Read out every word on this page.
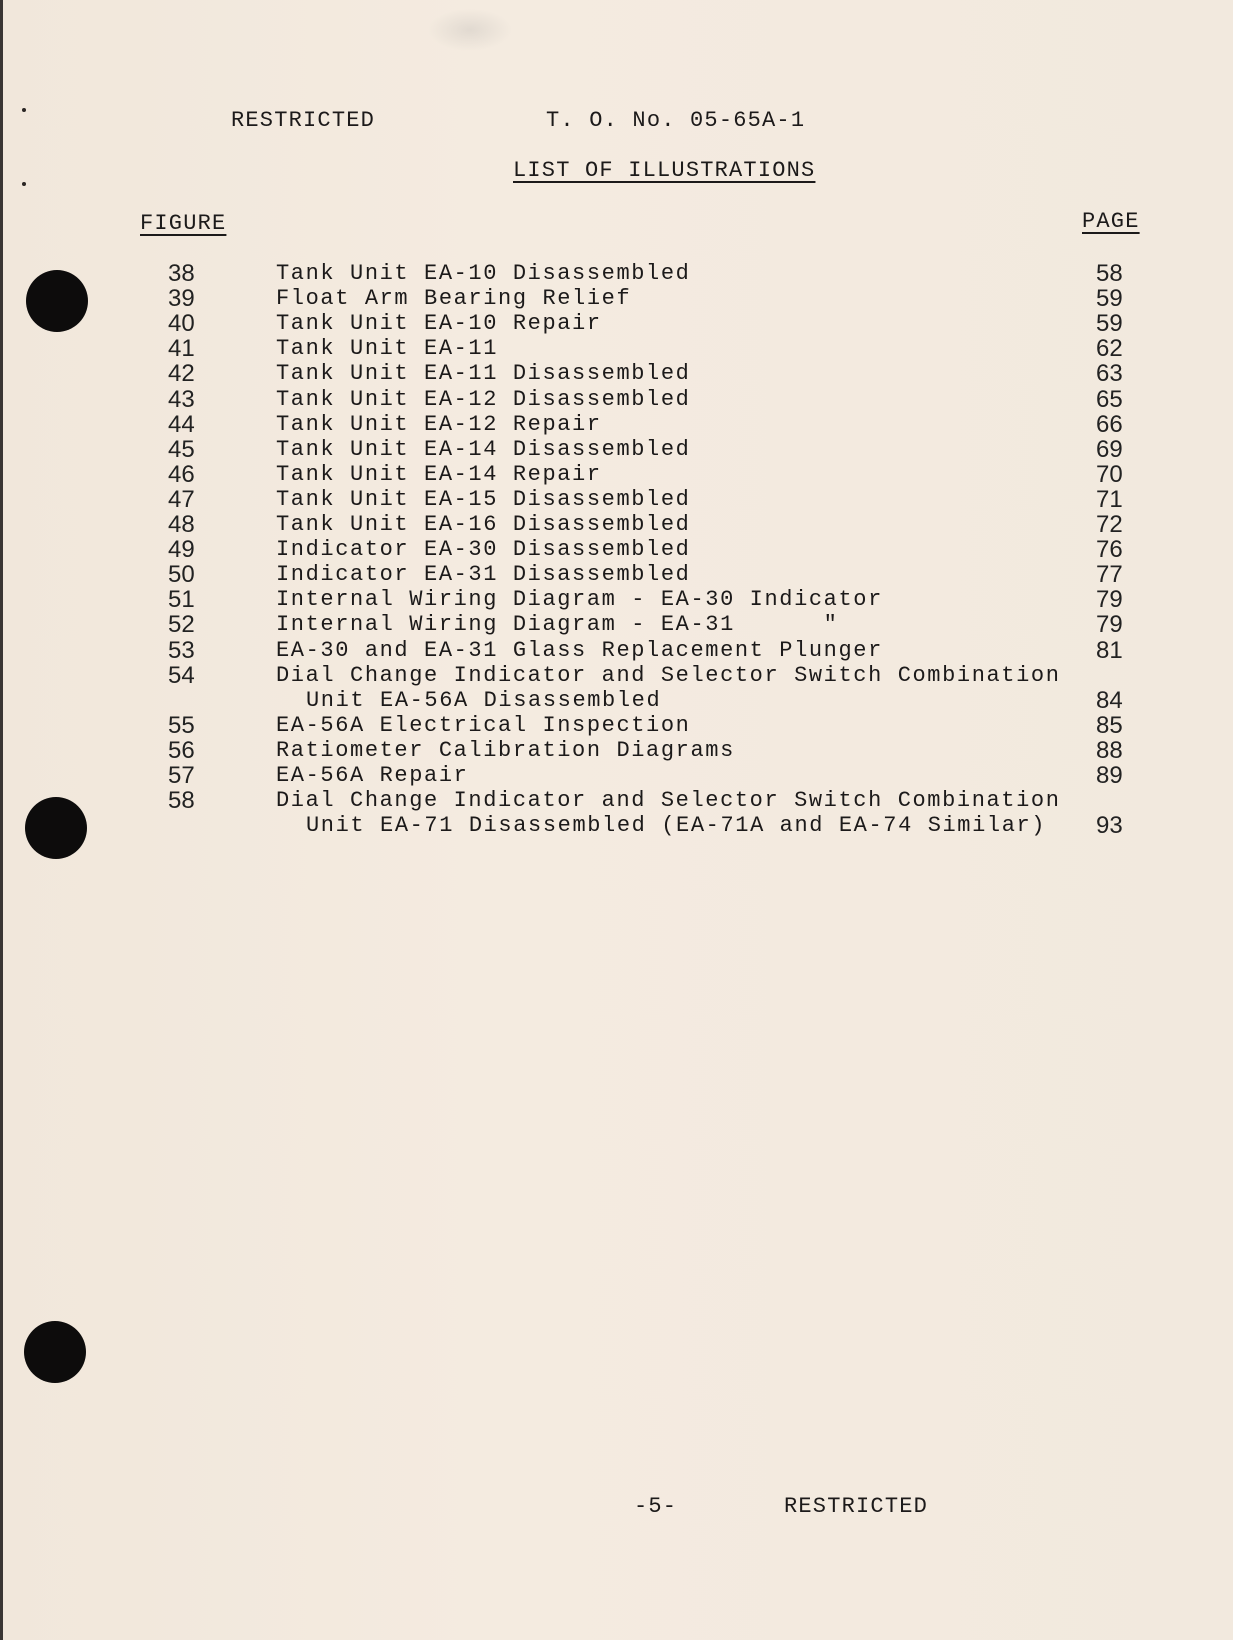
RESTRICTED	T. O. No. 05-65A-1
LIST OF ILLUSTRATIONS
FIGURE	PAGE
38	Tank Unit EA-10 Disassembled	58
39	Float Arm Bearing Relief	59
40	Tank Unit EA-10 Repair	59
41	Tank Unit EA-11	62
42	Tank Unit EA-11 Disassembled	63
43	Tank Unit EA-12 Disassembled	65
44	Tank Unit EA-12 Repair	66
45	Tank Unit EA-14 Disassembled	69
46	Tank Unit EA-14 Repair	70
47	Tank Unit EA-15 Disassembled	71
48	Tank Unit EA-16 Disassembled	72
49	Indicator EA-30 Disassembled	76
50	Indicator EA-31 Disassembled	77
51	Internal Wiring Diagram - EA-30 Indicator	79
52	Internal Wiring Diagram - EA-31      "	79
53	EA-30 and EA-31 Glass Replacement Plunger	81
54	Dial Change Indicator and Selector Switch Combination
Unit EA-56A Disassembled	84
55	EA-56A Electrical Inspection	85
56	Ratiometer Calibration Diagrams	88
57	EA-56A Repair	89
58	Dial Change Indicator and Selector Switch Combination
Unit EA-71 Disassembled (EA-71A and EA-74 Similar) 93
-5-	RESTRICTED
